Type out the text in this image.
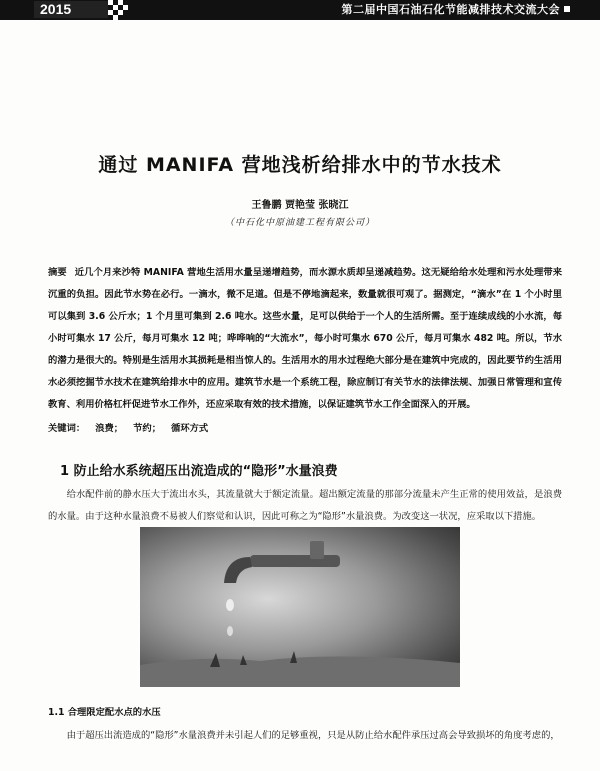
2015	第二届中国石油石化节能减排技术交流大会
通过 MANIFA 营地浅析给排水中的节水技术
王鲁鹏 贾艳莹 张晓江
（中石化中原油建工程有限公司）
摘要 近几个月来沙特 MANIFA 营地生活用水量呈递增趋势，而水源水质却呈递减趋势。这无疑给给水处理和污水处理带来沉重的负担。因此节水势在必行。一滴水，微不足道。但是不停地滴起来，数量就很可观了。据测定，“滴水”在 1 个小时里可以集到 3.6 公斤水；1 个月里可集到 2.6 吨水。这些水量，足可以供给于一个人的生活所需。至于连续成线的小水流，每小时可集水 17 公斤，每月可集水 12 吨；哗哗响的“大流水”，每小时可集水 670 公斤，每月可集水 482 吨。所以，节水的潜力是很大的。特别是生活用水其损耗是相当惊人的。生活用水的用水过程绝大部分是在建筑中完成的，因此要节约生活用水必须挖掘节水技术在建筑给排水中的应用。建筑节水是一个系统工程，除应制订有关节水的法律法规、加强日常管理和宣传教育、利用价格杠杆促进节水工作外，还应采取有效的技术措施，以保证建筑节水工作全面深入的开展。
关键词： 浪费； 节约； 循环方式
1 防止给水系统超压出流造成的“隐形”水量浪费
给水配件前的静水压大于流出水头，其流量就大于额定流量。超出额定流量的那部分流量未产生正常的使用效益，是浪费的水量。由于这种水量浪费不易被人们察觉和认识，因此可称之为“隐形”水量浪费。为改变这一状况，应采取以下措施。
1.1 合理限定配水点的水压
由于超压出流造成的“隐形”水量浪费并未引起人们的足够重视，只是从防止给水配件承压过高会导致损坏的角度考虑的，
